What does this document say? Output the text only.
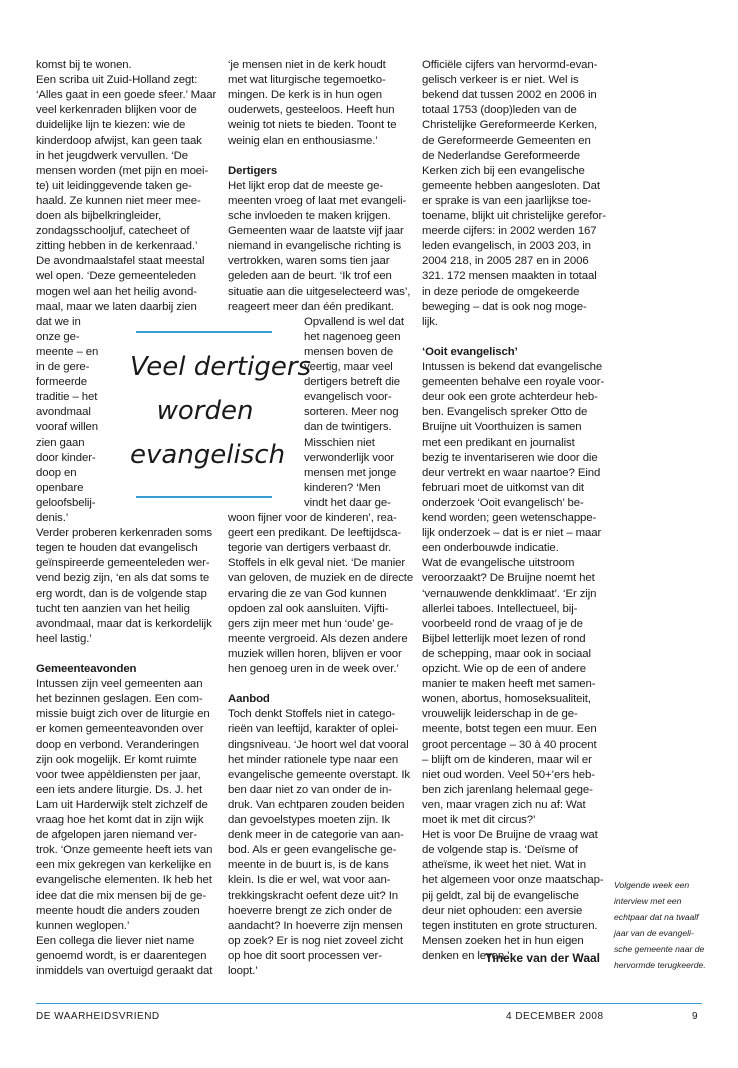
komst bij te wonen.
Een scriba uit Zuid-Holland zegt:
‘Alles gaat in een goede sfeer.’ Maar
veel kerkenraden blijken voor de
duidelijke lijn te kiezen: wie de
kinderdoop afwijst, kan geen taak
in het jeugdwerk vervullen. ‘De
mensen worden (met pijn en moei-
te) uit leidinggevende taken ge-
haald. Ze kunnen niet meer mee-
doen als bijbelkringleider,
zondagsschooljuf, catecheet of
zitting hebben in de kerkenraad.’
De avondmaalstafel staat meestal
wel open. ‘Deze gemeenteleden
mogen wel aan het heilig avond-
maal, maar we laten daarbij zien
dat we in
onze ge-
meente – en
in de gere-
formeerde
traditie – het
avondmaal
vooraf willen
zien gaan
door kinder-
doop en
openbare
geloofsbelij-
denis.’
Verder proberen kerkenraden soms
tegen te houden dat evangelisch
geïnspireerde gemeenteleden wer-
vend bezig zijn, ‘en als dat soms te
erg wordt, dan is de volgende stap
tucht ten aanzien van het heilig
avondmaal, maar dat is kerkordelijk
heel lastig.’
Gemeenteavonden
Intussen zijn veel gemeenten aan
het bezinnen geslagen. Een com-
missie buigt zich over de liturgie en
er komen gemeenteavonden over
doop en verbond. Veranderingen
zijn ook mogelijk. Er komt ruimte
voor twee appèldiensten per jaar,
een iets andere liturgie. Ds. J. het
Lam uit Harderwijk stelt zichzelf de
vraag hoe het komt dat in zijn wijk
de afgelopen jaren niemand ver-
trok. ‘Onze gemeente heeft iets van
een mix gekregen van kerkelijke en
evangelische elementen. Ik heb het
idee dat die mix mensen bij de ge-
meente houdt die anders zouden
kunnen weglopen.’
Een collega die liever niet name
genoemd wordt, is er daarentegen
inmiddels van overtuigd geraakt dat
‘je mensen niet in de kerk houdt
met wat liturgische tegemoetko-
mingen. De kerk is in hun ogen
ouderwets, gesteeloos. Heeft hun
weinig tot niets te bieden. Toont te
weinig elan en enthousiasme.’
Dertigers
Het lijkt erop dat de meeste ge-
meenten vroeg of laat met evangeli-
sche invloeden te maken krijgen.
Gemeenten waar de laatste vijf jaar
niemand in evangelische richting is
vertrokken, waren soms tien jaar
geleden aan de beurt. ‘Ik trof een
situatie aan die uitgeselecteerd was’,
reageert meer dan één predikant.
Opvallend is wel dat
het nagenoeg geen
mensen boven de
veertig, maar veel
dertigers betreft die
evangelisch voor-
sorteren. Meer nog
dan de twintigers.
Misschien niet
verwonderlijk voor
mensen met jonge
kinderen? ‘Men
vindt het daar ge-
woon fijner voor de kinderen’, rea-
geert een predikant. De leeftijdsca-
tegorie van dertigers verbaast dr.
Stoffels in elk geval niet. ‘De manier
van geloven, de muziek en de directe
ervaring die ze van God kunnen
opdoen zal ook aansluiten. Vijfti-
gers zijn meer met hun ‘oude’ ge-
meente vergroeid. Als dezen andere
muziek willen horen, blijven er voor
hen genoeg uren in de week over.’
Aanbod
Toch denkt Stoffels niet in catego-
rieën van leeftijd, karakter of oplei-
dingsniveau. ‘Je hoort wel dat vooral
het minder rationele type naar een
evangelische gemeente overstapt. Ik
ben daar niet zo van onder de in-
druk. Van echtparen zouden beiden
dan gevoelstypes moeten zijn. Ik
denk meer in de categorie van aan-
bod. Als er geen evangelische ge-
meente in de buurt is, is de kans
klein. Is die er wel, wat voor aan-
trekkingskracht oefent deze uit? In
hoeverre brengt ze zich onder de
aandacht? In hoeverre zijn mensen
op zoek? Er is nog niet zoveel zicht
op hoe dit soort processen ver-
loopt.’
Officiële cijfers van hervormd-evan-
gelisch verkeer is er niet. Wel is
bekend dat tussen 2002 en 2006 in
totaal 1753 (doop)leden van de
Christelijke Gereformeerde Kerken,
de Gereformeerde Gemeenten en
de Nederlandse Gereformeerde
Kerken zich bij een evangelische
gemeente hebben aangesloten. Dat
er sprake is van een jaarlijkse toe-
toename, blijkt uit christelijke gerefor-
meerde cijfers: in 2002 werden 167
leden evangelisch, in 2003 203, in
2004 218, in 2005 287 en in 2006
321. 172 mensen maakten in totaal
in deze periode de omgekeerde
beweging – dat is ook nog moge-
lijk.
‘Ooit evangelisch’
Intussen is bekend dat evangelische
gemeenten behalve een royale voor-
deur ook een grote achterdeur heb-
ben. Evangelisch spreker Otto de
Bruijne uit Voorthuizen is samen
met een predikant en journalist
bezig te inventariseren wie door die
deur vertrekt en waar naartoe? Eind
februari moet de uitkomst van dit
onderzoek ‘Ooit evangelisch’ be-
kend worden; geen wetenschappe-
lijk onderzoek – dat is er niet – maar
een onderbouwde indicatie.
Wat de evangelische uitstroom
veroorzaakt? De Bruijne noemt het
‘vernauwende denkklimaat’. ‘Er zijn
allerlei taboes. Intellectueel, bij-
voorbeeld rond de vraag of je de
Bijbel letterlijk moet lezen of rond
de schepping, maar ook in sociaal
opzicht. Wie op de een of andere
manier te maken heeft met samen-
wonen, abortus, homoseksualiteit,
vrouwelijk leiderschap in de ge-
meente, botst tegen een muur. Een
groot percentage – 30 à 40 procent
– blijft om de kinderen, maar wil er
niet oud worden. Veel 50+’ers heb-
ben zich jarenlang helemaal gege-
ven, maar vragen zich nu af: Wat
moet ik met dit circus?’
Het is voor De Bruijne de vraag wat
de volgende stap is. ‘Deïsme of
atheïsme, ik weet het niet. Wat in
het algemeen voor onze maatschap-
pij geldt, zal bij de evangelische
deur niet ophouden: een aversie
tegen instituten en grote structuren.
Mensen zoeken het in hun eigen
denken en leven.’
Veel dertigers
worden
evangelisch
Volgende week een
interview met een
echtpaar dat na twaalf
jaar van de evangeli-
sche gemeente naar de
hervormde terugkeerde.
Tineke van der Waal
DE WAARHEIDSVRIEND	4 DECEMBER 2008	9
